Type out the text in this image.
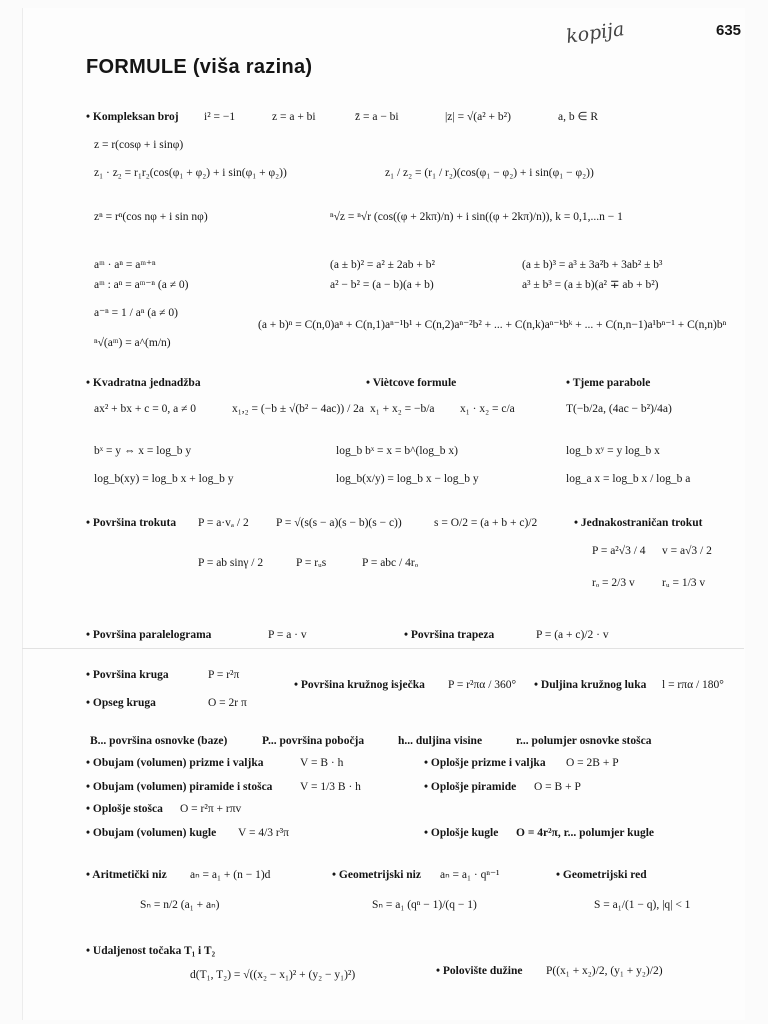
kopija	635
FORMULE (viša razina)
• Kompleksan broj i² = −1	z = a + bi	z̄ = a − bi	|z| = √(a² + b²)	a, b ∈ R
z = r(cosφ + i sinφ)
z₁ · z₂ = r₁r₂(cos(φ₁ + φ₂) + i sin(φ₁ + φ₂))	z₁ / z₂ = (r₁ / r₂)(cos(φ₁ − φ₂) + i sin(φ₁ − φ₂))
zⁿ = rⁿ(cos nφ + i sin nφ)	ⁿ√z = ⁿ√r (cos((φ + 2kπ)/n) + i sin((φ + 2kπ)/n)), k = 0,1,...n − 1
aᵐ · aⁿ = aᵐ⁺ⁿ	(a ± b)² = a² ± 2ab + b²	(a ± b)³ = a³ ± 3a²b + 3ab² ± b³
aᵐ : aⁿ = aᵐ⁻ⁿ (a ≠ 0)	a² − b² = (a − b)(a + b)	a³ ± b³ = (a ± b)(a² ∓ ab + b²)
a⁻ⁿ = 1 / aⁿ (a ≠ 0)
(a + b)ⁿ = C(n,0)aⁿ + C(n,1)aⁿ⁻¹b¹ + C(n,2)aⁿ⁻²b² + ... + C(n,k)aⁿ⁻ᵏbᵏ + ... + C(n,n−1)a¹bⁿ⁻¹ + C(n,n)bⁿ
ⁿ√(aᵐ) = a^(m/n)
• Kvadratna jednadžba	• Viètcove formule	• Tjeme parabole
ax² + bx + c = 0, a ≠ 0	x₁,₂ = (−b ± √(b² − 4ac)) / 2a x₁ + x₂ = −b/a x₁ · x₂ = c/a	T(−b/2a, (4ac − b²)/4a)
bˣ = y ⇔ x = log_b y	log_b bˣ = x = b^(log_b x)	log_b xʸ = y log_b x
log_b(xy) = log_b x + log_b y	log_b(x/y) = log_b x − log_b y	log_a x = log_b x / log_b a
• Površina trokuta P = a·vₐ / 2 P = √(s(s − a)(s − b)(s − c))	s = O/2 = (a + b + c)/2	• Jednakostraničan trokut
P = a²√3 / 4 v = a√3 / 2
P = ab sinγ / 2	P = rᵤs	P = abc / 4rₒ
rₒ = 2/3 v rᵤ = 1/3 v
• Površina paralelograma	P = a · v	• Površina trapeza	P = (a + c)/2 · v
• Površina kruga	P = r²π
• Površina kružnog isječka P = r²πα / 360° • Duljina kružnog luka l = rπα / 180°
• Opseg kruga	O = 2r π
B... površina osnovke (baze)	P... površina pobočja	h... duljina visine	r... polumjer osnovke stošca
• Obujam (volumen) prizme i valjka	V = B · h	• Oplošje prizme i valjka O = 2B + P
• Obujam (volumen) piramide i stošca V = 1/3 B · h	• Oplošje piramide O = B + P
• Oplošje stošca O = r²π + rπv
• Obujam (volumen) kugle V = 4/3 r³π	• Oplošje kugle O = 4r²π, r... polumjer kugle
• Aritmetički niz aₙ = a₁ + (n − 1)d	• Geometrijski niz aₙ = a₁ · qⁿ⁻¹	• Geometrijski red
Sₙ = n/2 (a₁ + aₙ)	Sₙ = a₁ (qⁿ − 1)/(q − 1)	S = a₁/(1 − q), |q| < 1
• Udaljenost točaka T₁ i T₂
d(T₁, T₂) = √((x₂ − x₁)² + (y₂ − y₁)²)	• Polovište dužine P((x₁ + x₂)/2, (y₁ + y₂)/2)
